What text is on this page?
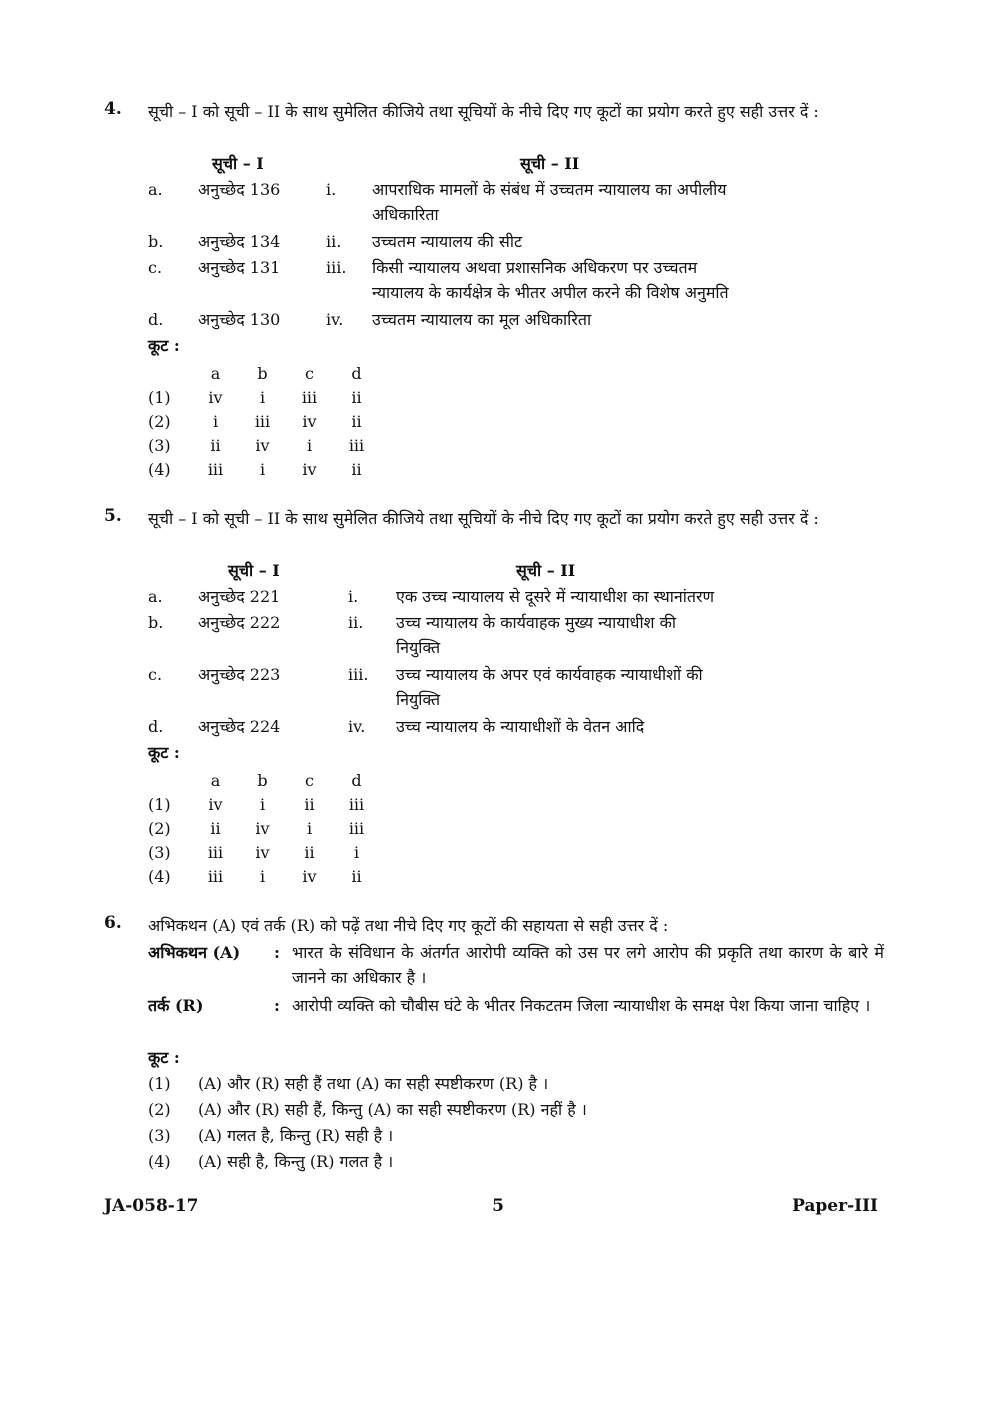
4. सूची – I को सूची – II के साथ सुमेलित कीजिये तथा सूचियों के नीचे दिए गए कूटों का प्रयोग करते हुए सही उत्तर दें :
सूची – I	सूची – II
a. अनुच्छेद 136	i. आपराधिक मामलों के संबंध में उच्चतम न्यायालय का अपीलीय
अधिकारिता
b. अनुच्छेद 134	ii. उच्चतम न्यायालय की सीट
c. अनुच्छेद 131	iii. किसी न्यायालय अथवा प्रशासनिक अधिकरण पर उच्चतम
न्यायालय के कार्यक्षेत्र के भीतर अपील करने की विशेष अनुमति
d. अनुच्छेद 130	iv. उच्चतम न्यायालय का मूल अधिकारिता
कूट :
	a	b	c	d
(1)	iv	i	iii	ii
(2)	i	iii	iv	ii
(3)	ii	iv	i	iii
(4)	iii	i	iv	ii
5. सूची – I को सूची – II के साथ सुमेलित कीजिये तथा सूचियों के नीचे दिए गए कूटों का प्रयोग करते हुए सही उत्तर दें :
सूची – I	सूची – II
a. अनुच्छेद 221	i. एक उच्च न्यायालय से दूसरे में न्यायाधीश का स्थानांतरण
b. अनुच्छेद 222	ii. उच्च न्यायालय के कार्यवाहक मुख्य न्यायाधीश की
नियुक्ति
c. अनुच्छेद 223	iii. उच्च न्यायालय के अपर एवं कार्यवाहक न्यायाधीशों की
नियुक्ति
d. अनुच्छेद 224	iv. उच्च न्यायालय के न्यायाधीशों के वेतन आदि
कूट :
	a	b	c	d
(1)	iv	i	ii	iii
(2)	ii	iv	i	iii
(3)	iii	iv	ii	i
(4)	iii	i	iv	ii
6. अभिकथन (A) एवं तर्क (R) को पढ़ें तथा नीचे दिए गए कूटों की सहायता से सही उत्तर दें :
अभिकथन (A) : भारत के संविधान के अंतर्गत आरोपी व्यक्ति को उस पर लगे आरोप की प्रकृति तथा कारण के बारे में जानने का अधिकार है ।
तर्क (R)	: आरोपी व्यक्ति को चौबीस घंटे के भीतर निकटतम जिला न्यायाधीश के समक्ष पेश किया जाना चाहिए ।
कूट :
(1) (A) और (R) सही हैं तथा (A) का सही स्पष्टीकरण (R) है ।
(2) (A) और (R) सही हैं, किन्तु (A) का सही स्पष्टीकरण (R) नहीं है ।
(3) (A) गलत है, किन्तु (R) सही है ।
(4) (A) सही है, किन्तु (R) गलत है ।
JA-058-17	5	Paper-III
